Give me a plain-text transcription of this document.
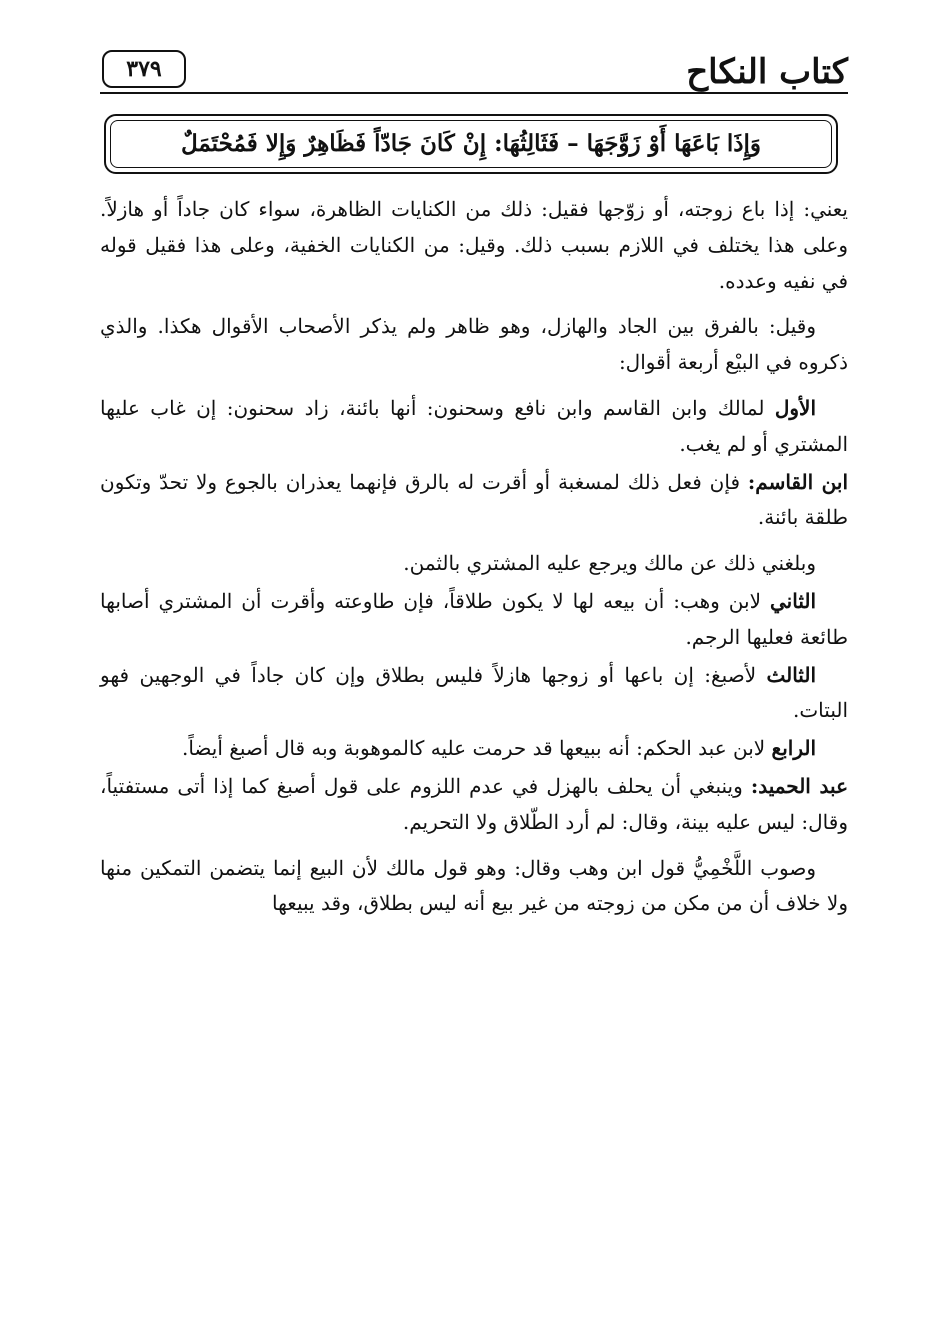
كتاب النكاح
٣٧٩
وَإِذَا بَاعَهَا أَوْ زَوَّجَهَا – فَثَالِثُهَا: إِنْ كَانَ جَادّاً فَظَاهِرٌ وَإِلا فَمُحْتَمَلٌ

يعني: إذا باع زوجته، أو زوّجها فقيل: ذلك من الكنايات الظاهرة، سواء كان جاداً أو هازلاً. وعلى هذا يختلف في اللازم بسبب ذلك. وقيل: من الكنايات الخفية، وعلى هذا فقيل قوله في نفيه وعدده.

وقيل: بالفرق بين الجاد والهازل، وهو ظاهر ولم يذكر الأصحاب الأقوال هكذا. والذي ذكروه في البيْع أربعة أقوال:

الأول لمالك وابن القاسم وابن نافع وسحنون: أنها بائنة، زاد سحنون: إن غاب عليها المشتري أو لم يغب.

ابن القاسم: فإن فعل ذلك لمسغبة أو أقرت له بالرق فإنهما يعذران بالجوع ولا تحدّ وتكون طلقة بائنة.

وبلغني ذلك عن مالك ويرجع عليه المشتري بالثمن.

الثاني لابن وهب: أن بيعه لها لا يكون طلاقاً، فإن طاوعته وأقرت أن المشتري أصابها طائعة فعليها الرجم.

الثالث لأصبغ: إن باعها أو زوجها هازلاً فليس بطلاق وإن كان جاداً في الوجهين فهو البتات.

الرابع لابن عبد الحكم: أنه ببيعها قد حرمت عليه كالموهوبة وبه قال أصبغ أيضاً.

عبد الحميد: وينبغي أن يحلف بالهزل في عدم اللزوم على قول أصبغ كما إذا أتى مستفتياً، وقال: ليس عليه بينة، وقال: لم أرد الطّلاق ولا التحريم.

وصوب اللَّخْمِيُّ قول ابن وهب وقال: وهو قول مالك لأن البيع إنما يتضمن التمكين منها ولا خلاف أن من مكن من زوجته من غير بيع أنه ليس بطلاق، وقد يبيعها
